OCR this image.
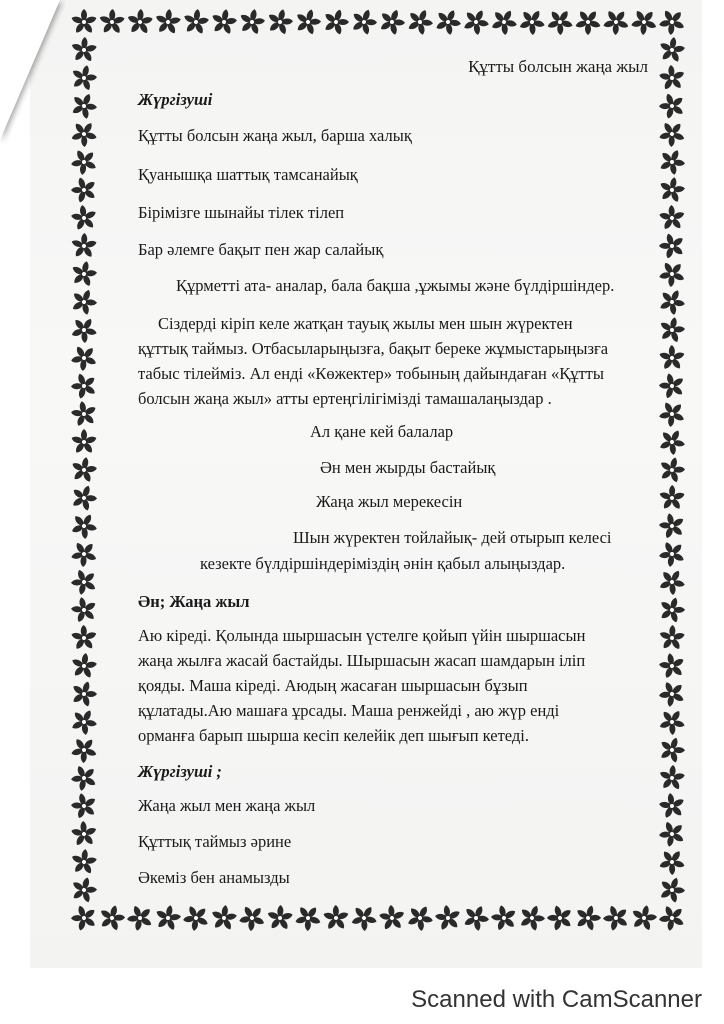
Құтты болсын жаңа жыл
Жүргізуші
Құтты болсын жаңа жыл, барша халық
Қуанышқа шаттық тамсанайық
Бірімізге шынайы тілек тілеп
Бар әлемге бақыт пен жар салайық
Құрметті ата- аналар, бала бақша ,ұжымы және бүлдіршіндер.
Сіздерді кіріп келе жатқан тауық жылы мен шын жүректен
құттық таймыз. Отбасыларыңызға, бақыт береке жұмыстарыңызға
табыс тілейміз. Ал енді «Көжектер» тобының дайындаған «Құтты
болсын жаңа жыл» атты ертеңгілігімізді тамашалаңыздар .
Ал қане кей балалар
Ән мен жырды бастайық
Жаңа жыл мерекесін
Шын жүректен тойлайық- дей отырып келесі
кезекте бүлдіршіндеріміздің әнін қабыл алыңыздар.
Ән; Жаңа жыл
Аю кіреді. Қолында шыршасын үстелге қойып үйін шыршасын
жаңа жылға жасай бастайды. Шыршасын жасап шамдарын іліп
қояды. Маша кіреді. Аюдың жасаған шыршасын бұзып
құлатады.Аю машаға ұрсады. Маша ренжейді , аю жүр енді
орманға барып шырша кесіп келейік деп шығып кетеді.
Жүргізуші ;
Жаңа жыл мен жаңа жыл
Құттық таймыз әрине
Әкеміз бен анамызды
Scanned with CamScanner
